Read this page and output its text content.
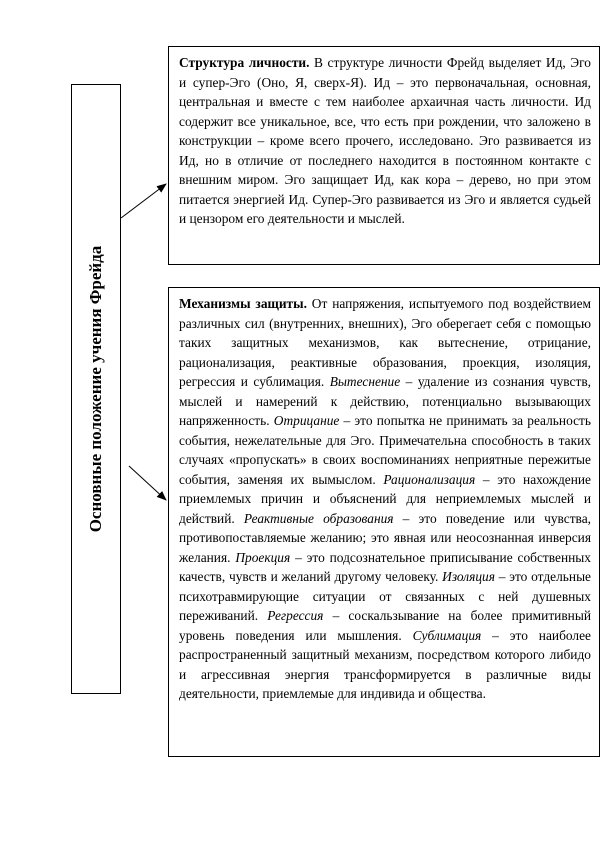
Основные положение учения Фрейда
Структура личности. В структуре личности Фрейд выделяет Ид, Эго и супер-Эго (Оно, Я, сверх-Я). Ид – это первоначальная, основная, центральная и вместе с тем наиболее архаичная часть личности. Ид содержит все уникальное, все, что есть при рождении, что заложено в конструкции – кроме всего прочего, исследовано. Эго развивается из Ид, но в отличие от последнего находится в постоянном контакте с внешним миром. Эго защищает Ид, как кора – дерево, но при этом питается энергией Ид. Супер-Эго развивается из Эго и является судьей и цензором его деятельности и мыслей.
Механизмы защиты. От напряжения, испытуемого под воздействием различных сил (внутренних, внешних), Эго оберегает себя с помощью таких защитных механизмов, как вытеснение, отрицание, рационализация, реактивные образования, проекция, изоляция, регрессия и сублимация. Вытеснение – удаление из сознания чувств, мыслей и намерений к действию, потенциально вызывающих напряженность. Отрицание – это попытка не принимать за реальность события, нежелательные для Эго. Примечательна способность в таких случаях «пропускать» в своих воспоминаниях неприятные пережитые события, заменяя их вымыслом. Рационализация – это нахождение приемлемых причин и объяснений для неприемлемых мыслей и действий. Реактивные образования – это поведение или чувства, противопоставляемые желанию; это явная или неосознанная инверсия желания. Проекция – это подсознательное приписывание собственных качеств, чувств и желаний другому человеку. Изоляция – это отдельные психотравмирующие ситуации от связанных с ней душевных переживаний. Регрессия – соскальзывание на более примитивный уровень поведения или мышления. Сублимация – это наиболее распространенный защитный механизм, посредством которого либидо и агрессивная энергия трансформируется в различные виды деятельности, приемлемые для индивида и общества.
